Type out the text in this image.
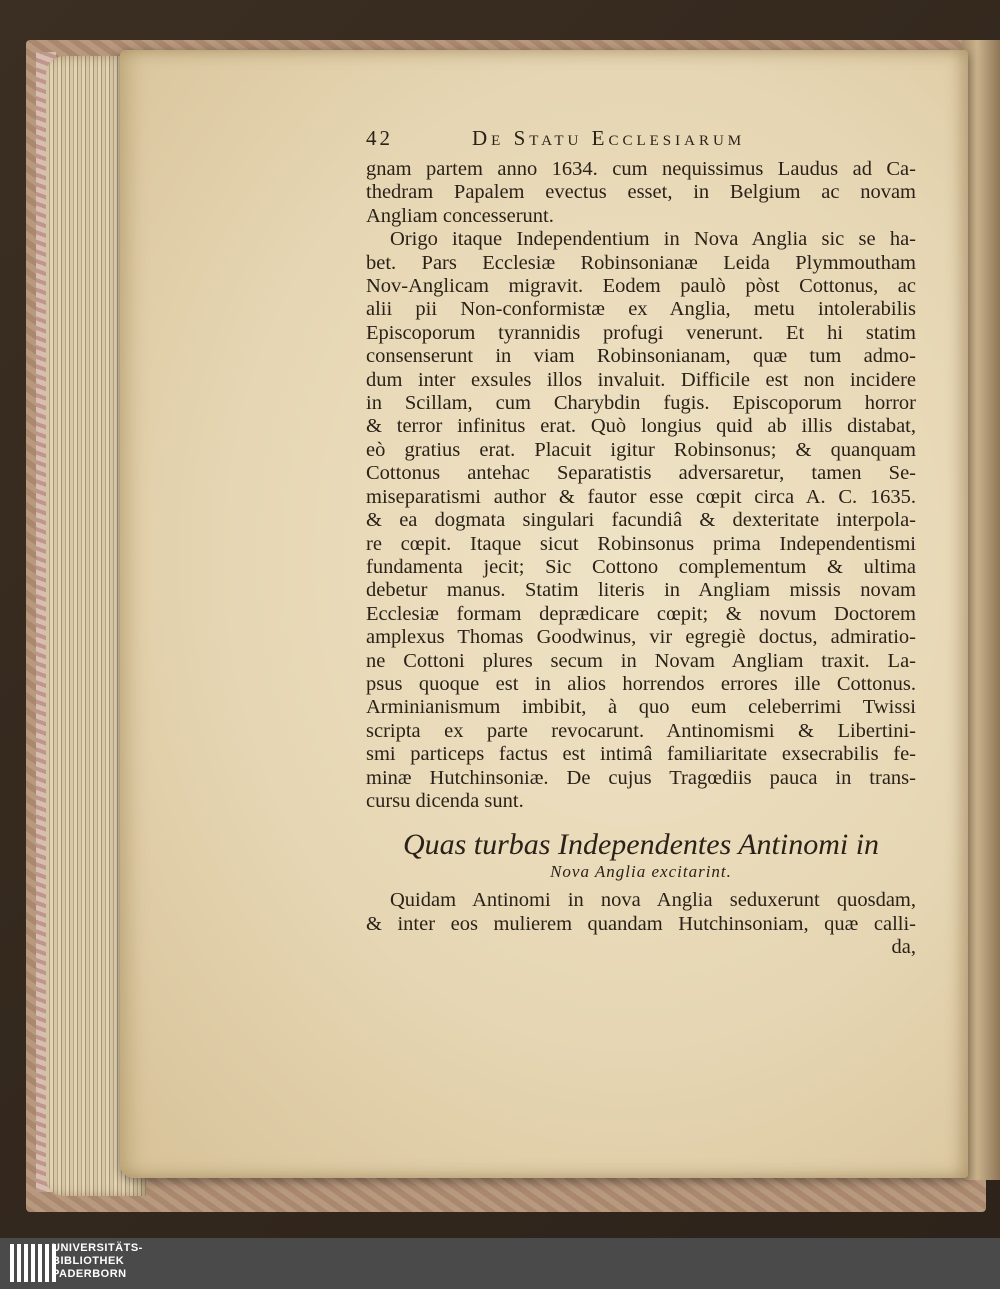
42	De Statu Ecclesiarum
gnam partem anno 1634. cum nequissimus Laudus ad Ca-
thedram Papalem evectus esset, in Belgium ac novam
Angliam concesserunt.
Origo itaque Independentium in Nova Anglia sic se ha-
bet. Pars Ecclesiæ Robinsonianæ Leida Plymmoutham
Nov-Anglicam migravit. Eodem paulò pòst Cottonus, ac
alii pii Non-conformistæ ex Anglia, metu intolerabilis
Episcoporum tyrannidis profugi venerunt. Et hi statim
consenserunt in viam Robinsonianam, quæ tum admo-
dum inter exsules illos invaluit. Difficile est non incidere
in Scillam, cum Charybdin fugis. Episcoporum horror
& terror infinitus erat. Quò longius quid ab illis distabat,
eò gratius erat. Placuit igitur Robinsonus; & quanquam
Cottonus antehac Separatistis adversaretur, tamen Se-
miseparatismi author & fautor esse cœpit circa A. C. 1635.
& ea dogmata singulari facundiâ & dexteritate interpola-
re cœpit. Itaque sicut Robinsonus prima Independentismi
fundamenta jecit; Sic Cottono complementum & ultima
debetur manus. Statim literis in Angliam missis novam
Ecclesiæ formam deprædicare cœpit; & novum Doctorem
amplexus Thomas Goodwinus, vir egregiè doctus, admiratio-
ne Cottoni plures secum in Novam Angliam traxit. La-
psus quoque est in alios horrendos errores ille Cottonus.
Arminianismum imbibit, à quo eum celeberrimi Twissi
scripta ex parte revocarunt. Antinomismi & Libertini-
smi particeps factus est intimâ familiaritate exsecrabilis fe-
minæ Hutchinsoniæ. De cujus Tragœdiis pauca in trans-
cursu dicenda sunt.
Quas turbas Independentes Antinomi in
Nova Anglia excitarint.
Quidam Antinomi in nova Anglia seduxerunt quosdam,
& inter eos mulierem quandam Hutchinsoniam, quæ calli-
da,
UNIVERSITÄTS-
BIBLIOTHEK
PADERBORN
